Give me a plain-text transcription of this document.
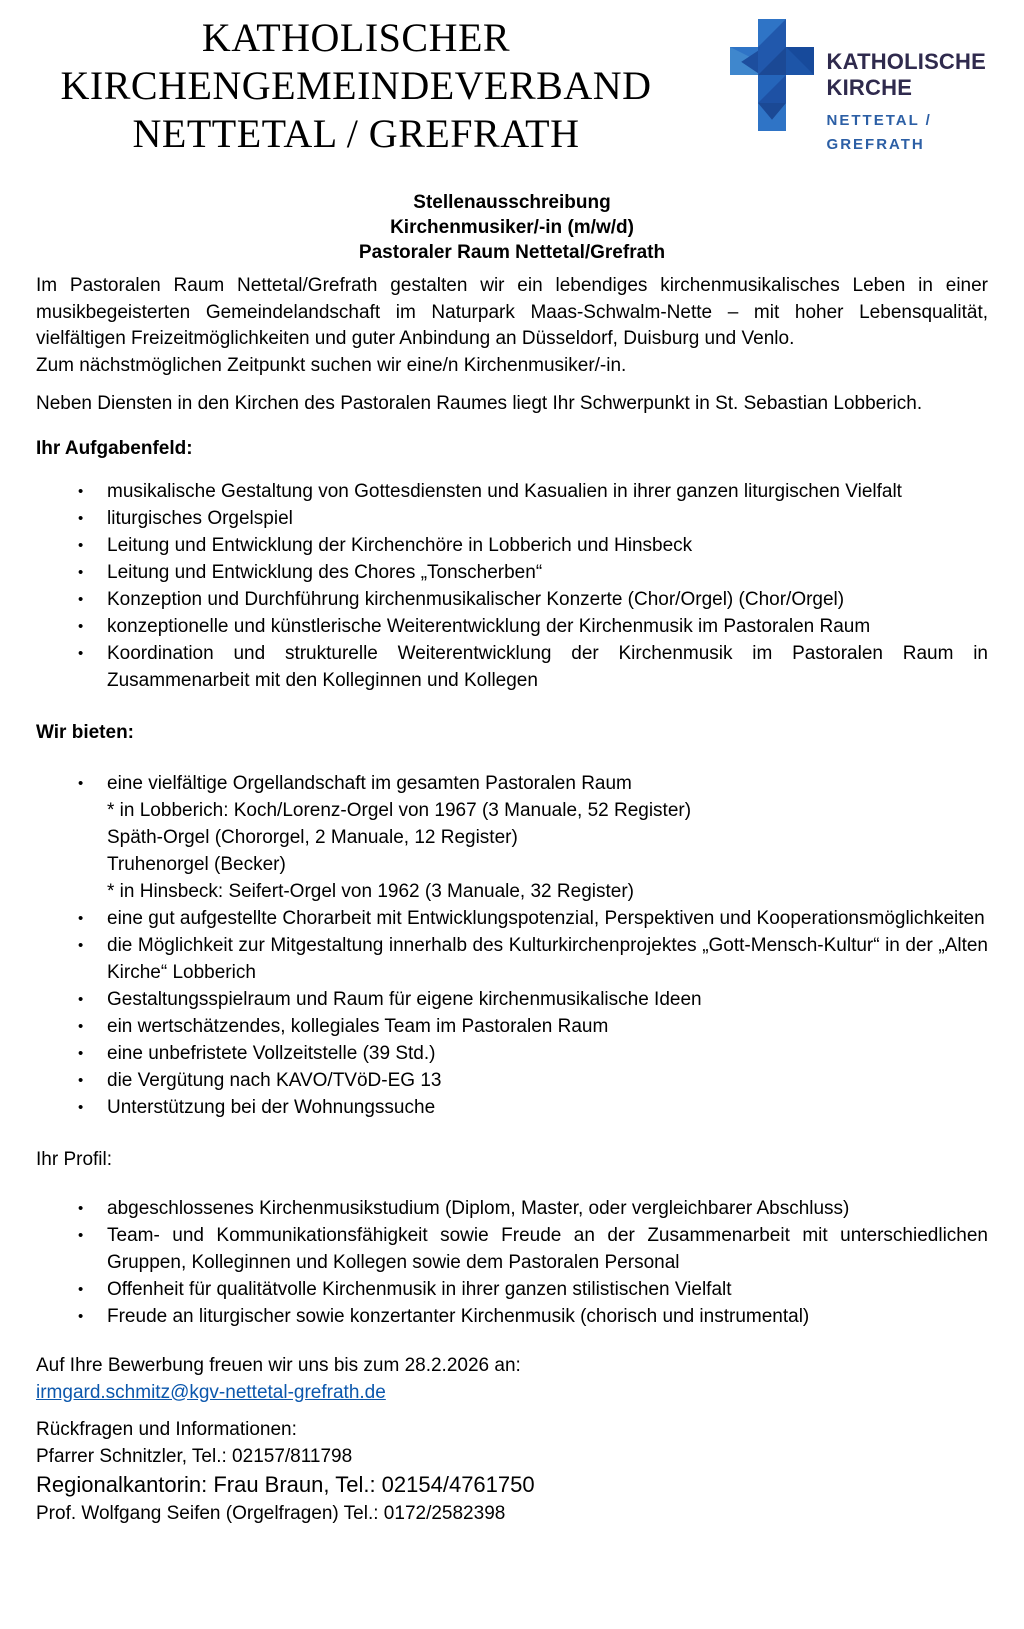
KATHOLISCHER
KIRCHENGEMEINDEVERBAND
NETTETAL / GREFRATH
KATHOLISCHE
KIRCHE
NETTETAL /
GREFRATH
Stellenausschreibung
Kirchenmusiker/-in (m/w/d)
Pastoraler Raum Nettetal/Grefrath
Im Pastoralen Raum Nettetal/Grefrath gestalten wir ein lebendiges kirchenmusikalisches Leben in einer musikbegeisterten Gemeindelandschaft im Naturpark Maas-Schwalm-Nette – mit hoher Lebensqualität, vielfältigen Freizeitmöglichkeiten und guter Anbindung an Düsseldorf, Duisburg und Venlo.
Zum nächstmöglichen Zeitpunkt suchen wir eine/n Kirchenmusiker/-in.
Neben Diensten in den Kirchen des Pastoralen Raumes liegt Ihr Schwerpunkt in St. Sebastian Lobberich.
Ihr Aufgabenfeld:
• musikalische Gestaltung von Gottesdiensten und Kasualien in ihrer ganzen liturgischen Vielfalt
• liturgisches Orgelspiel
• Leitung und Entwicklung der Kirchenchöre in Lobberich und Hinsbeck
• Leitung und Entwicklung des Chores „Tonscherben“
• Konzeption und Durchführung kirchenmusikalischer Konzerte (Chor/Orgel) (Chor/Orgel)
• konzeptionelle und künstlerische Weiterentwicklung der Kirchenmusik im Pastoralen Raum
• Koordination und strukturelle Weiterentwicklung der Kirchenmusik im Pastoralen Raum in Zusammenarbeit mit den Kolleginnen und Kollegen
Wir bieten:
• eine vielfältige Orgellandschaft im gesamten Pastoralen Raum
* in Lobberich: Koch/Lorenz-Orgel von 1967 (3 Manuale, 52 Register)
Späth-Orgel (Chororgel, 2 Manuale, 12 Register)
Truhenorgel (Becker)
* in Hinsbeck: Seifert-Orgel von 1962 (3 Manuale, 32 Register)
• eine gut aufgestellte Chorarbeit mit Entwicklungspotenzial, Perspektiven und Kooperationsmöglichkeiten
• die Möglichkeit zur Mitgestaltung innerhalb des Kulturkirchenprojektes „Gott-Mensch-Kultur“ in der „Alten Kirche“ Lobberich
• Gestaltungsspielraum und Raum für eigene kirchenmusikalische Ideen
• ein wertschätzendes, kollegiales Team im Pastoralen Raum
• eine unbefristete Vollzeitstelle (39 Std.)
• die Vergütung nach KAVO/TVöD-EG 13
• Unterstützung bei der Wohnungssuche
Ihr Profil:
• abgeschlossenes Kirchenmusikstudium (Diplom, Master, oder vergleichbarer Abschluss)
• Team- und Kommunikationsfähigkeit sowie Freude an der Zusammenarbeit mit unterschiedlichen Gruppen, Kolleginnen und Kollegen sowie dem Pastoralen Personal
• Offenheit für qualitätvolle Kirchenmusik in ihrer ganzen stilistischen Vielfalt
• Freude an liturgischer sowie konzertanter Kirchenmusik (chorisch und instrumental)
Auf Ihre Bewerbung freuen wir uns bis zum 28.2.2026 an:
irmgard.schmitz@kgv-nettetal-grefrath.de
Rückfragen und Informationen:
Pfarrer Schnitzler, Tel.: 02157/811798
Regionalkantorin: Frau Braun, Tel.: 02154/4761750
Prof. Wolfgang Seifen (Orgelfragen) Tel.: 0172/2582398
